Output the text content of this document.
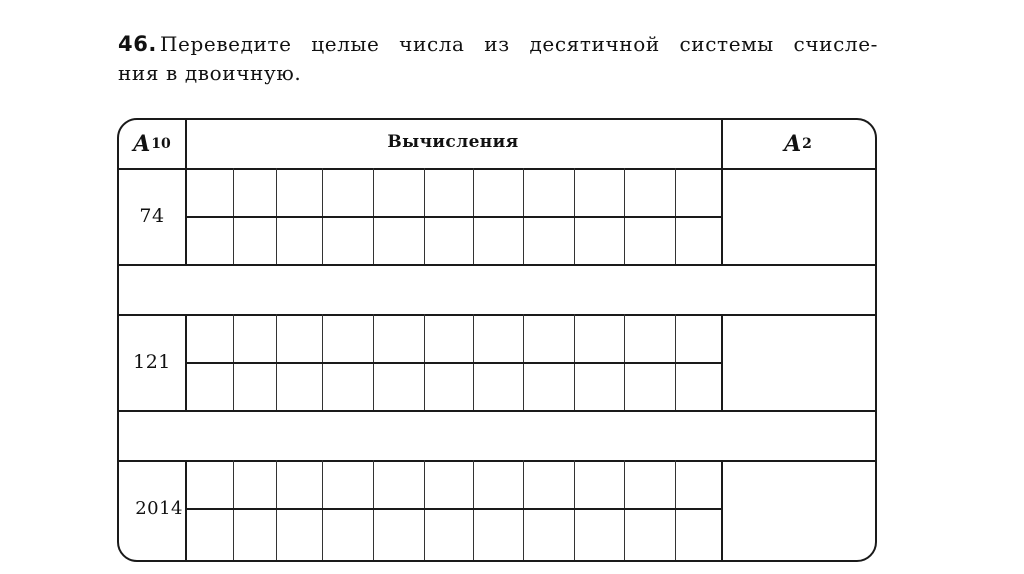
46. Переведите целые числа из десятичной системы счисле-
ния в двоичную.
A 10	Вычисления	A 2
74
121
2014
